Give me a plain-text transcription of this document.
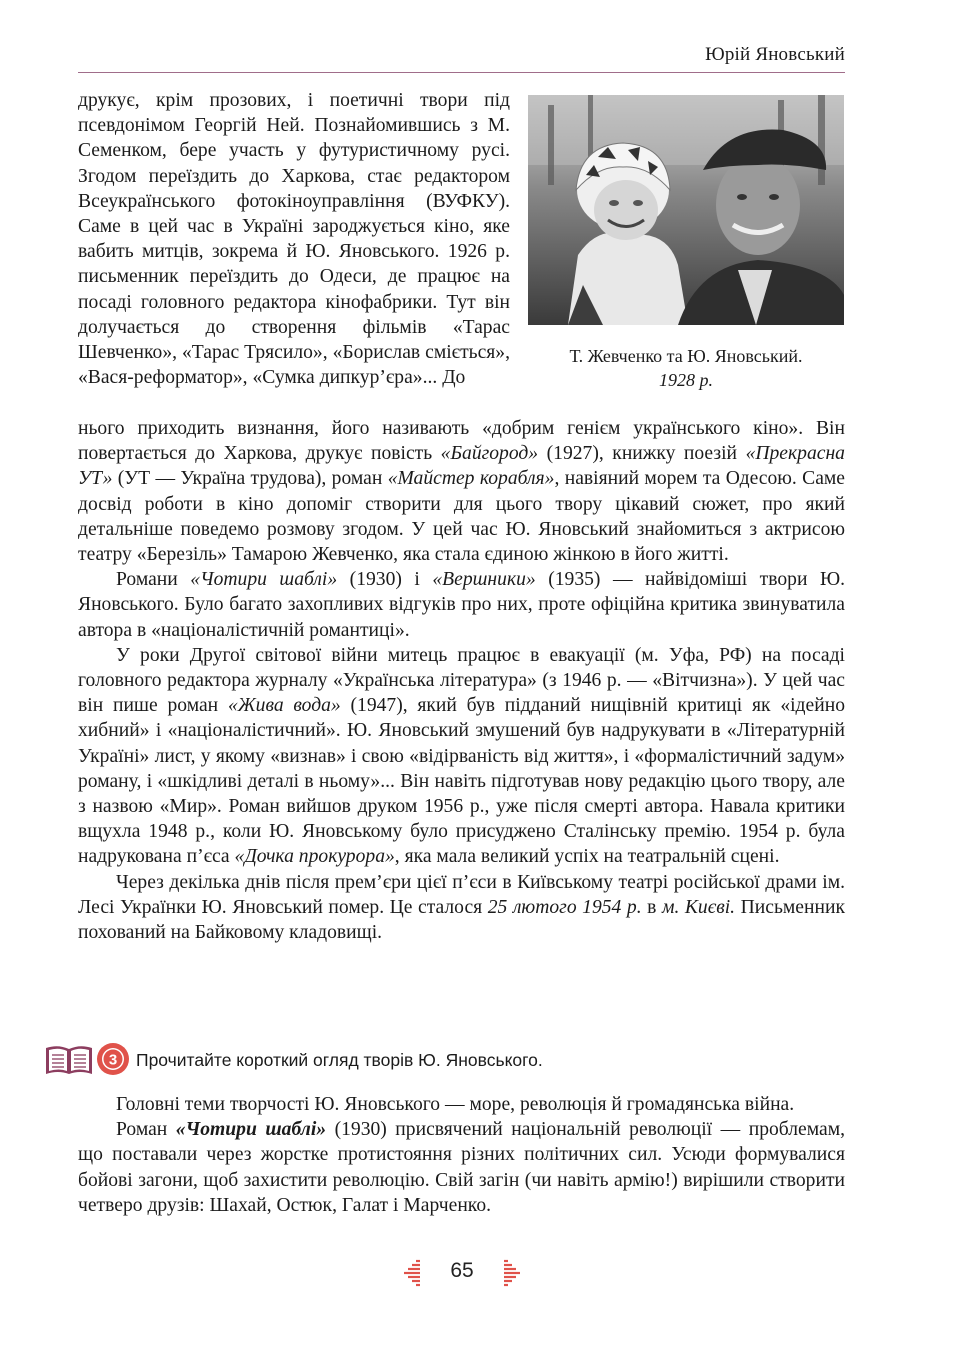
Юрій Яновський

друкує, крім прозових, і поетичні твори під псевдонімом Георгій Ней. Познайомившись з М. Семенком, бере участь у футуристичному русі. Згодом переїздить до Харкова, стає редактором Всеукраїнського фотокіноуправління (ВУФКУ). Саме в цей час в Україні зароджується кіно, яке вабить митців, зокрема й Ю. Яновського. 1926 р. письменник переїздить до Одеси, де працює на посаді головного редактора кінофабрики. Тут він долучається до створення фільмів «Тарас Шевченко», «Тарас Трясило», «Борислав сміється», «Вася-реформатор», «Сумка дипкур’єра»... До

Т. Жевченко та Ю. Яновський.
1928 р.

нього приходить визнання, його називають «добрим генієм українського кіно». Він повертається до Харкова, друкує повість «Байгород» (1927), книжку поезій «Прекрасна УТ» (УТ — Україна трудова), роман «Майстер корабля», навіяний морем та Одесою. Саме досвід роботи в кіно допоміг створити для цього твору цікавий сюжет, про який детальніше поведемо розмову згодом. У цей час Ю. Яновський знайомиться з актрисою театру «Березіль» Тамарою Жевченко, яка стала єдиною жінкою в його житті.

Романи «Чотири шаблі» (1930) і «Вершники» (1935) — найвідоміші твори Ю. Яновського. Було багато захопливих відгуків про них, проте офіційна критика звинуватила автора в «націоналістичній романтиці».

У роки Другої світової війни митець працює в евакуації (м. Уфа, РФ) на посаді головного редактора журналу «Українська література» (з 1946 р. — «Вітчизна»). У цей час він пише роман «Жива вода» (1947), який був підданий нищівній критиці як «ідейно хибний» і «націоналістичний». Ю. Яновський змушений був надрукувати в «Літературній Україні» лист, у якому «визнав» і свою «відірваність від життя», і «формалістичний задум» роману, і «шкідливі деталі в ньому»... Він навіть підготував нову редакцію цього твору, але з назвою «Мир». Роман вийшов друком 1956 р., уже після смерті автора. Навала критики вщухла 1948 р., коли Ю. Яновському було присуджено Сталінську премію. 1954 р. була надрукована п’єса «Дочка прокурора», яка мала великий успіх на театральній сцені.

Через декілька днів після прем’єри цієї п’єси в Київському театрі російської драми ім. Лесі Українки Ю. Яновський помер. Це сталося 25 лютого 1954 р. в м. Києві. Письменник похований на Байковому кладовищі.

3 Прочитайте короткий огляд творів Ю. Яновського.

Головні теми творчості Ю. Яновського — море, революція й громадянська війна.

Роман «Чотири шаблі» (1930) присвячений національній революції — проблемам, що поставали через жорстке протистояння різних політичних сил. Усюди формувалися бойові загони, щоб захистити революцію. Свій загін (чи навіть армію!) вирішили створити четверо друзів: Шахай, Остюк, Галат і Марченко.

65
